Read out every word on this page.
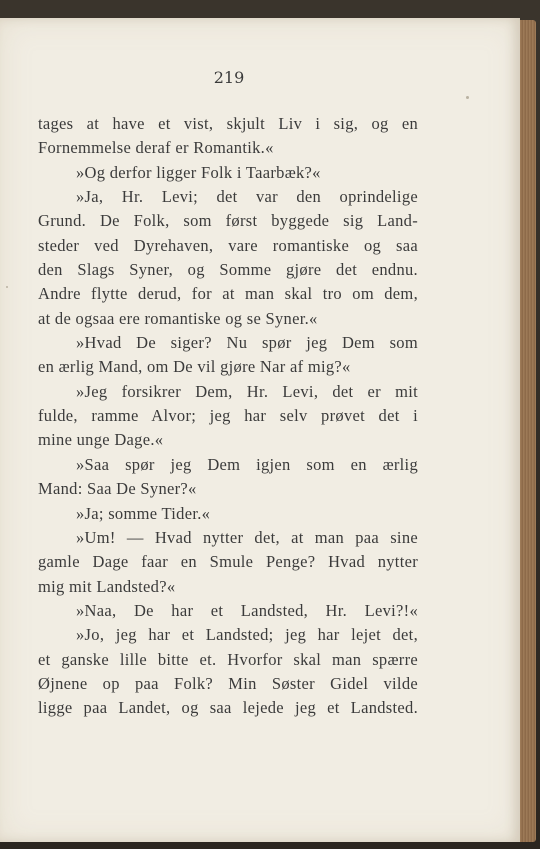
219
tages at have et vist, skjult Liv i sig, og en
Fornemmelse deraf er Romantik.«
»Og derfor ligger Folk i Taarbæk?«
»Ja, Hr. Levi; det var den oprindelige
Grund. De Folk, som først byggede sig Land-
steder ved Dyrehaven, vare romantiske og saa
den Slags Syner, og Somme gjøre det endnu.
Andre flytte derud, for at man skal tro om dem,
at de ogsaa ere romantiske og se Syner.«
»Hvad De siger? Nu spør jeg Dem som
en ærlig Mand, om De vil gjøre Nar af mig?«
»Jeg forsikrer Dem, Hr. Levi, det er mit
fulde, ramme Alvor; jeg har selv prøvet det i
mine unge Dage.«
»Saa spør jeg Dem igjen som en ærlig
Mand: Saa De Syner?«
»Ja; somme Tider.«
»Um! — Hvad nytter det, at man paa sine
gamle Dage faar en Smule Penge? Hvad nytter
mig mit Landsted?«
»Naa, De har et Landsted, Hr. Levi?!«
»Jo, jeg har et Landsted; jeg har lejet det,
et ganske lille bitte et. Hvorfor skal man spærre
Øjnene op paa Folk? Min Søster Gidel vilde
ligge paa Landet, og saa lejede jeg et Landsted.
